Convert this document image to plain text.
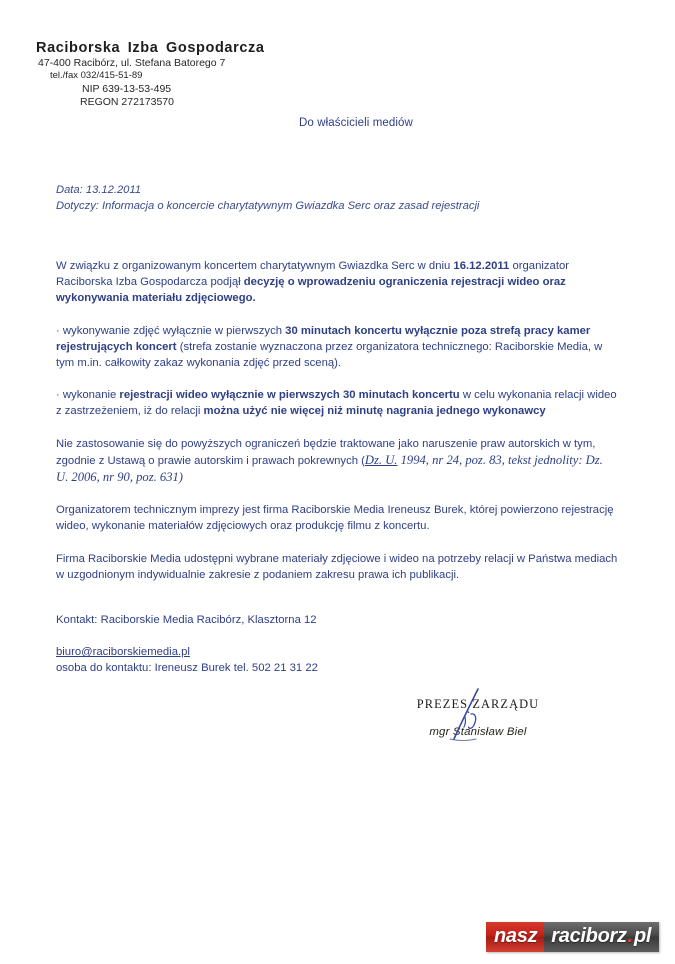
Raciborska Izba Gospodarcza
47-400 Racibórz, ul. Stefana Batorego 7
tel./fax 032/415-51-89
NIP 639-13-53-495
REGON 272173570
Do właścicieli mediów
Data: 13.12.2011
Dotyczy: Informacja o koncercie charytatywnym Gwiazdka Serc oraz zasad rejestracji

W związku z organizowanym koncertem charytatywnym Gwiazdka Serc w dniu 16.12.2011 organizator Raciborska Izba Gospodarcza podjął decyzję o wprowadzeniu ograniczenia rejestracji wideo oraz wykonywania materiału zdjęciowego.

· wykonywanie zdjęć wyłącznie w pierwszych 30 minutach koncertu wyłącznie poza strefą pracy kamer rejestrujących koncert (strefa zostanie wyznaczona przez organizatora technicznego: Raciborskie Media, w tym m.in. całkowity zakaz wykonania zdjęć przed sceną).

· wykonanie rejestracji wideo wyłącznie w pierwszych 30 minutach koncertu w celu wykonania relacji wideo z zastrzeżeniem, iż do relacji można użyć nie więcej niż minutę nagrania jednego wykonawcy

Nie zastosowanie się do powyższych ograniczeń będzie traktowane jako naruszenie praw autorskich w tym, zgodnie z Ustawą o prawie autorskim i prawach pokrewnych (Dz. U. 1994, nr 24, poz. 83, tekst jednolity: Dz. U. 2006, nr 90, poz. 631)

Organizatorem technicznym imprezy jest firma Raciborskie Media Ireneusz Burek, której powierzono rejestrację wideo, wykonanie materiałów zdjęciowych oraz produkcję filmu z koncertu.

Firma Raciborskie Media udostępni wybrane materiały zdjęciowe i wideo na potrzeby relacji w Państwa mediach w uzgodnionym indywidualnie zakresie z podaniem zakresu prawa ich publikacji.

Kontakt: Raciborskie Media Racibórz, Klasztorna 12
biuro@raciborskiemedia.pl
osoba do kontaktu: Ireneusz Burek tel. 502 21 31 22
PREZES ZARZĄDU
mgr Stanisław Biel
nasz raciborz . pl
